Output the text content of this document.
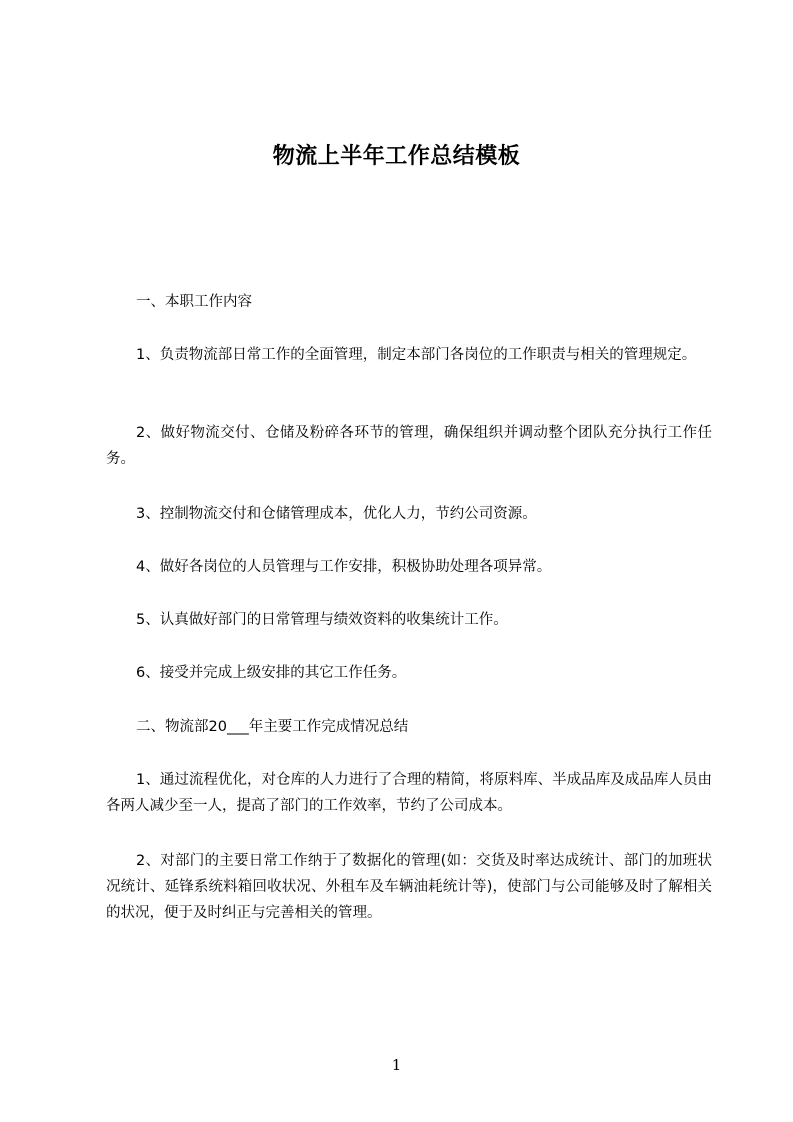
物流上半年工作总结模板

一、本职工作内容

1、负责物流部日常工作的全面管理，制定本部门各岗位的工作职责与相关的管理规定。

2、做好物流交付、仓储及粉碎各环节的管理，确保组织并调动整个团队充分执行工作任务。

3、控制物流交付和仓储管理成本，优化人力，节约公司资源。

4、做好各岗位的人员管理与工作安排，积极协助处理各项异常。

5、认真做好部门的日常管理与绩效资料的收集统计工作。

6、接受并完成上级安排的其它工作任务。

二、物流部20___年主要工作完成情况总结

1、通过流程优化，对仓库的人力进行了合理的精简，将原料库、半成品库及成品库人员由各两人减少至一人，提高了部门的工作效率，节约了公司成本。

2、对部门的主要日常工作纳于了数据化的管理(如：交货及时率达成统计、部门的加班状况统计、延锋系统料箱回收状况、外租车及车辆油耗统计等)，使部门与公司能够及时了解相关的状况，便于及时纠正与完善相关的管理。

1
